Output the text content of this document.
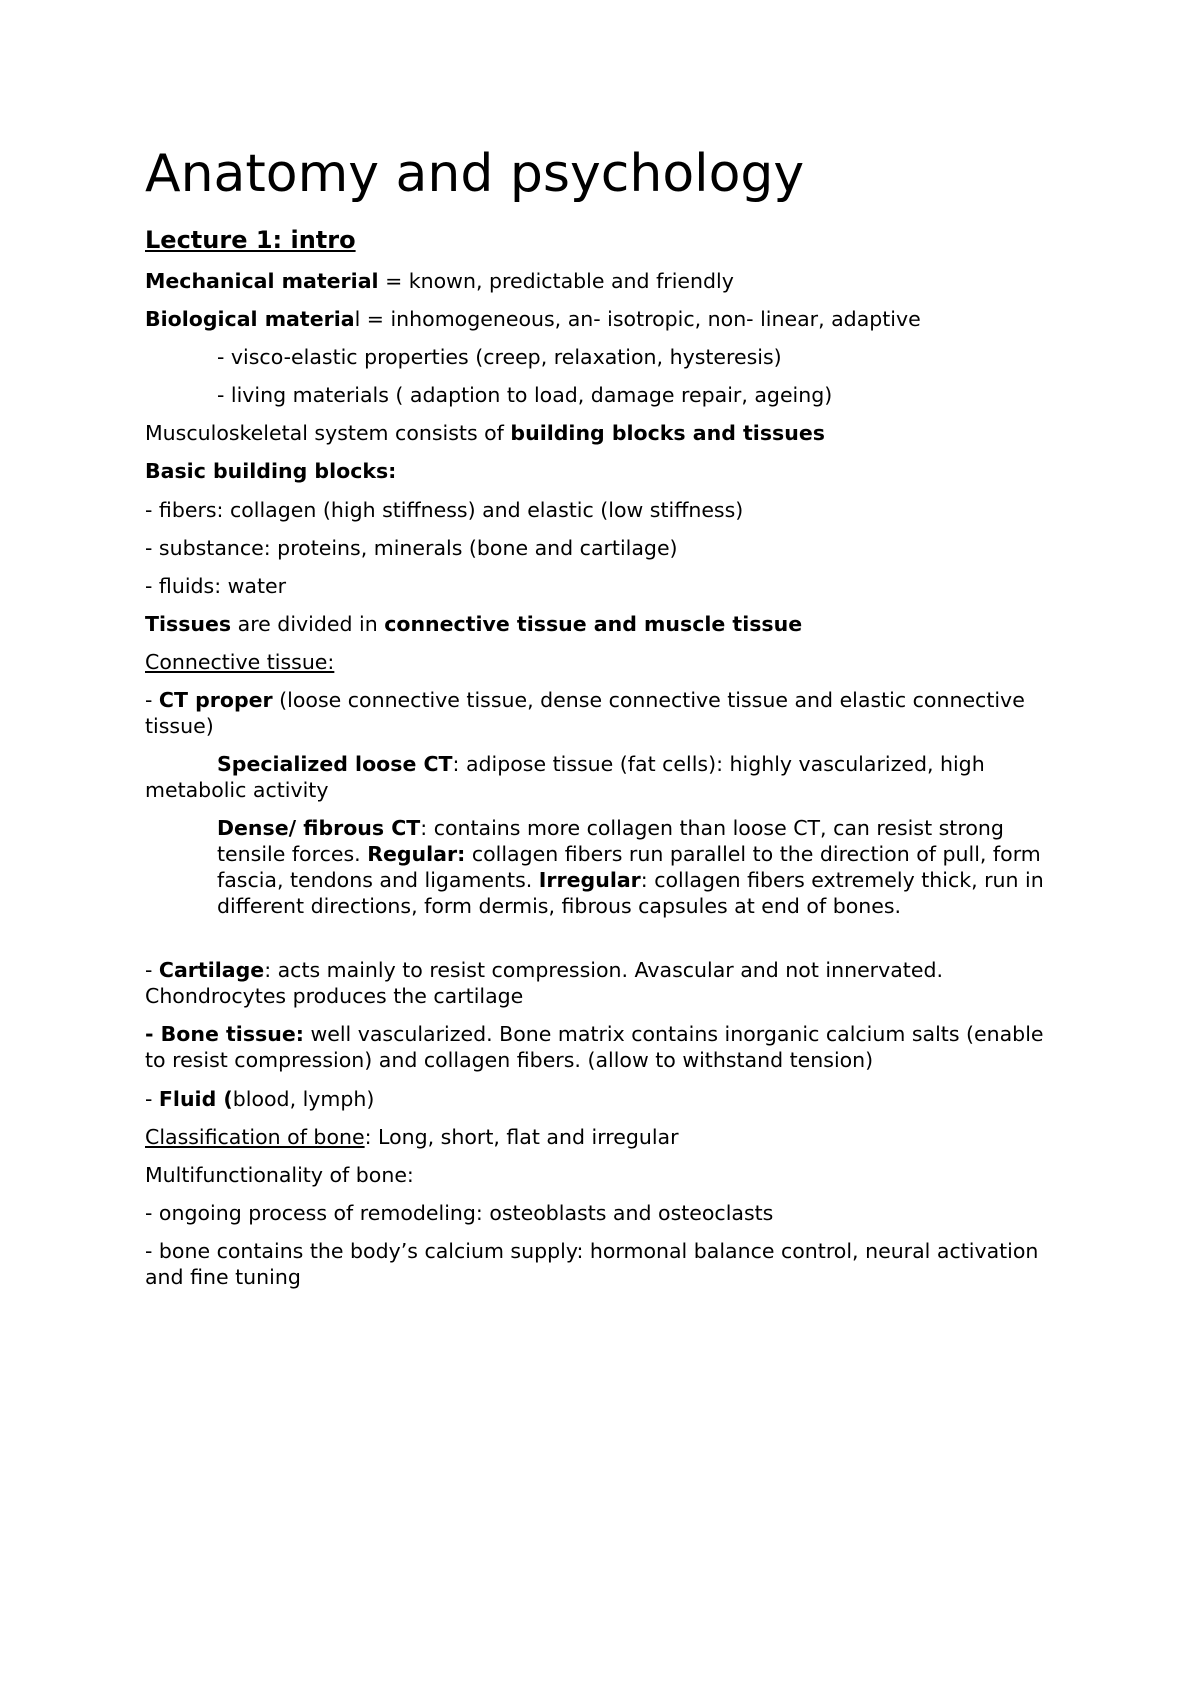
Anatomy and psychology

Lecture 1: intro

Mechanical material = known, predictable and friendly

Biological material = inhomogeneous, an- isotropic, non- linear, adaptive

- visco-elastic properties (creep, relaxation, hysteresis)

- living materials ( adaption to load, damage repair, ageing)

Musculoskeletal system consists of building blocks and tissues

Basic building blocks:

- fibers: collagen (high stiffness) and elastic (low stiffness)

- substance: proteins, minerals (bone and cartilage)

- fluids: water

Tissues are divided in connective tissue and muscle tissue

Connective tissue:

- CT proper (loose connective tissue, dense connective tissue and elastic connective tissue)

Specialized loose CT: adipose tissue (fat cells): highly vascularized, high metabolic activity

Dense/ fibrous CT: contains more collagen than loose CT, can resist strong tensile forces. Regular: collagen fibers run parallel to the direction of pull, form fascia, tendons and ligaments. Irregular: collagen fibers extremely thick, run in different directions, form dermis, fibrous capsules at end of bones.

- Cartilage: acts mainly to resist compression. Avascular and not innervated. Chondrocytes produces the cartilage

- Bone tissue: well vascularized. Bone matrix contains inorganic calcium salts (enable to resist compression) and collagen fibers. (allow to withstand tension)

- Fluid (blood, lymph)

Classification of bone: Long, short, flat and irregular

Multifunctionality of bone:

- ongoing process of remodeling: osteoblasts and osteoclasts

- bone contains the body’s calcium supply: hormonal balance control, neural activation and fine tuning
